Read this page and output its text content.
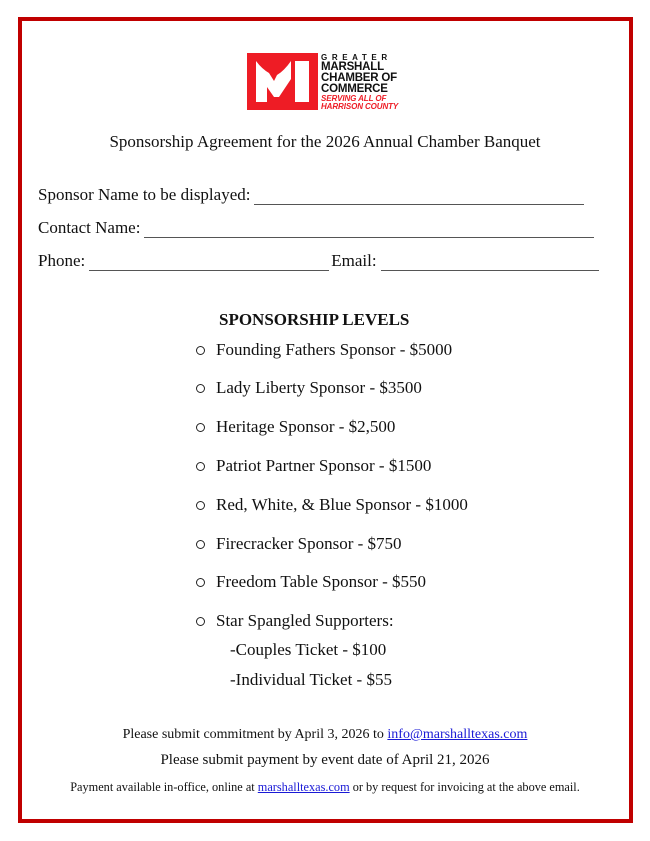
GREATER
MARSHALL
CHAMBER OF
COMMERCE
SERVING ALL OF
HARRISON COUNTY
Sponsorship Agreement for the 2026 Annual Chamber Banquet
Sponsor Name to be displayed:
Contact Name:
Phone:	Email:
SPONSORSHIP LEVELS
Founding Fathers Sponsor - $5000
Lady Liberty Sponsor - $3500
Heritage Sponsor - $2,500
Patriot Partner Sponsor - $1500
Red, White, & Blue Sponsor - $1000
Firecracker Sponsor - $750
Freedom Table Sponsor - $550
Star Spangled Supporters:
-Couples Ticket - $100
-Individual Ticket - $55
Please submit commitment by April 3, 2026 to info@marshalltexas.com
Please submit payment by event date of April 21, 2026
Payment available in-office, online at marshalltexas.com or by request for invoicing at the above email.
